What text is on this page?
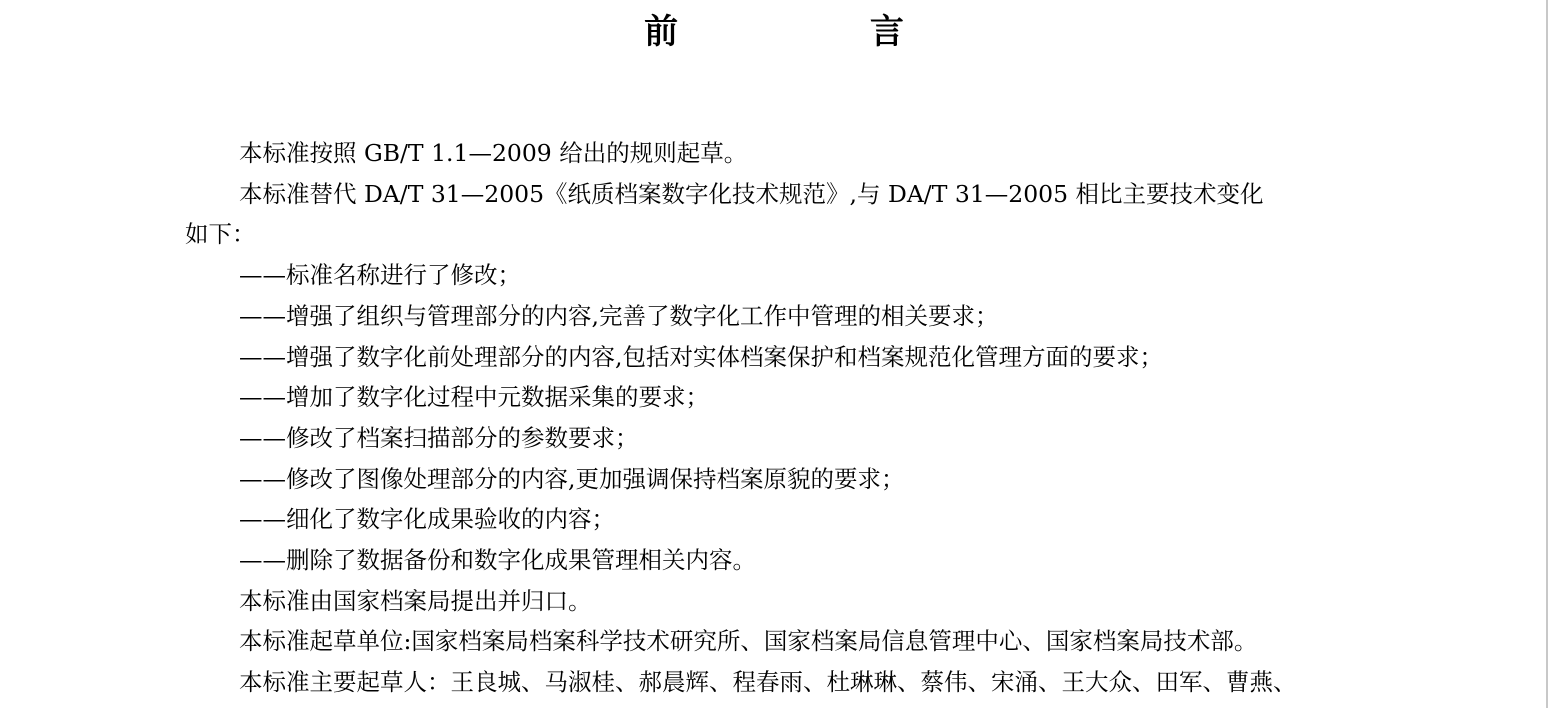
前 言

本标准按照 GB/T 1.1—2009 给出的规则起草。

本标准替代 DA/T 31—2005《纸质档案数字化技术规范》,与 DA/T 31—2005 相比主要技术变化

如下：

——标准名称进行了修改；

——增强了组织与管理部分的内容,完善了数字化工作中管理的相关要求；

——增强了数字化前处理部分的内容,包括对实体档案保护和档案规范化管理方面的要求；

——增加了数字化过程中元数据采集的要求；

——修改了档案扫描部分的参数要求；

——修改了图像处理部分的内容,更加强调保持档案原貌的要求；

——细化了数字化成果验收的内容；

——删除了数据备份和数字化成果管理相关内容。

本标准由国家档案局提出并归口。

本标准起草单位:国家档案局档案科学技术研究所、国家档案局信息管理中心、国家档案局技术部。

本标准主要起草人：王良城、马淑桂、郝晨辉、程春雨、杜琳琳、蔡伟、宋涌、王大众、田军、曹燕、
